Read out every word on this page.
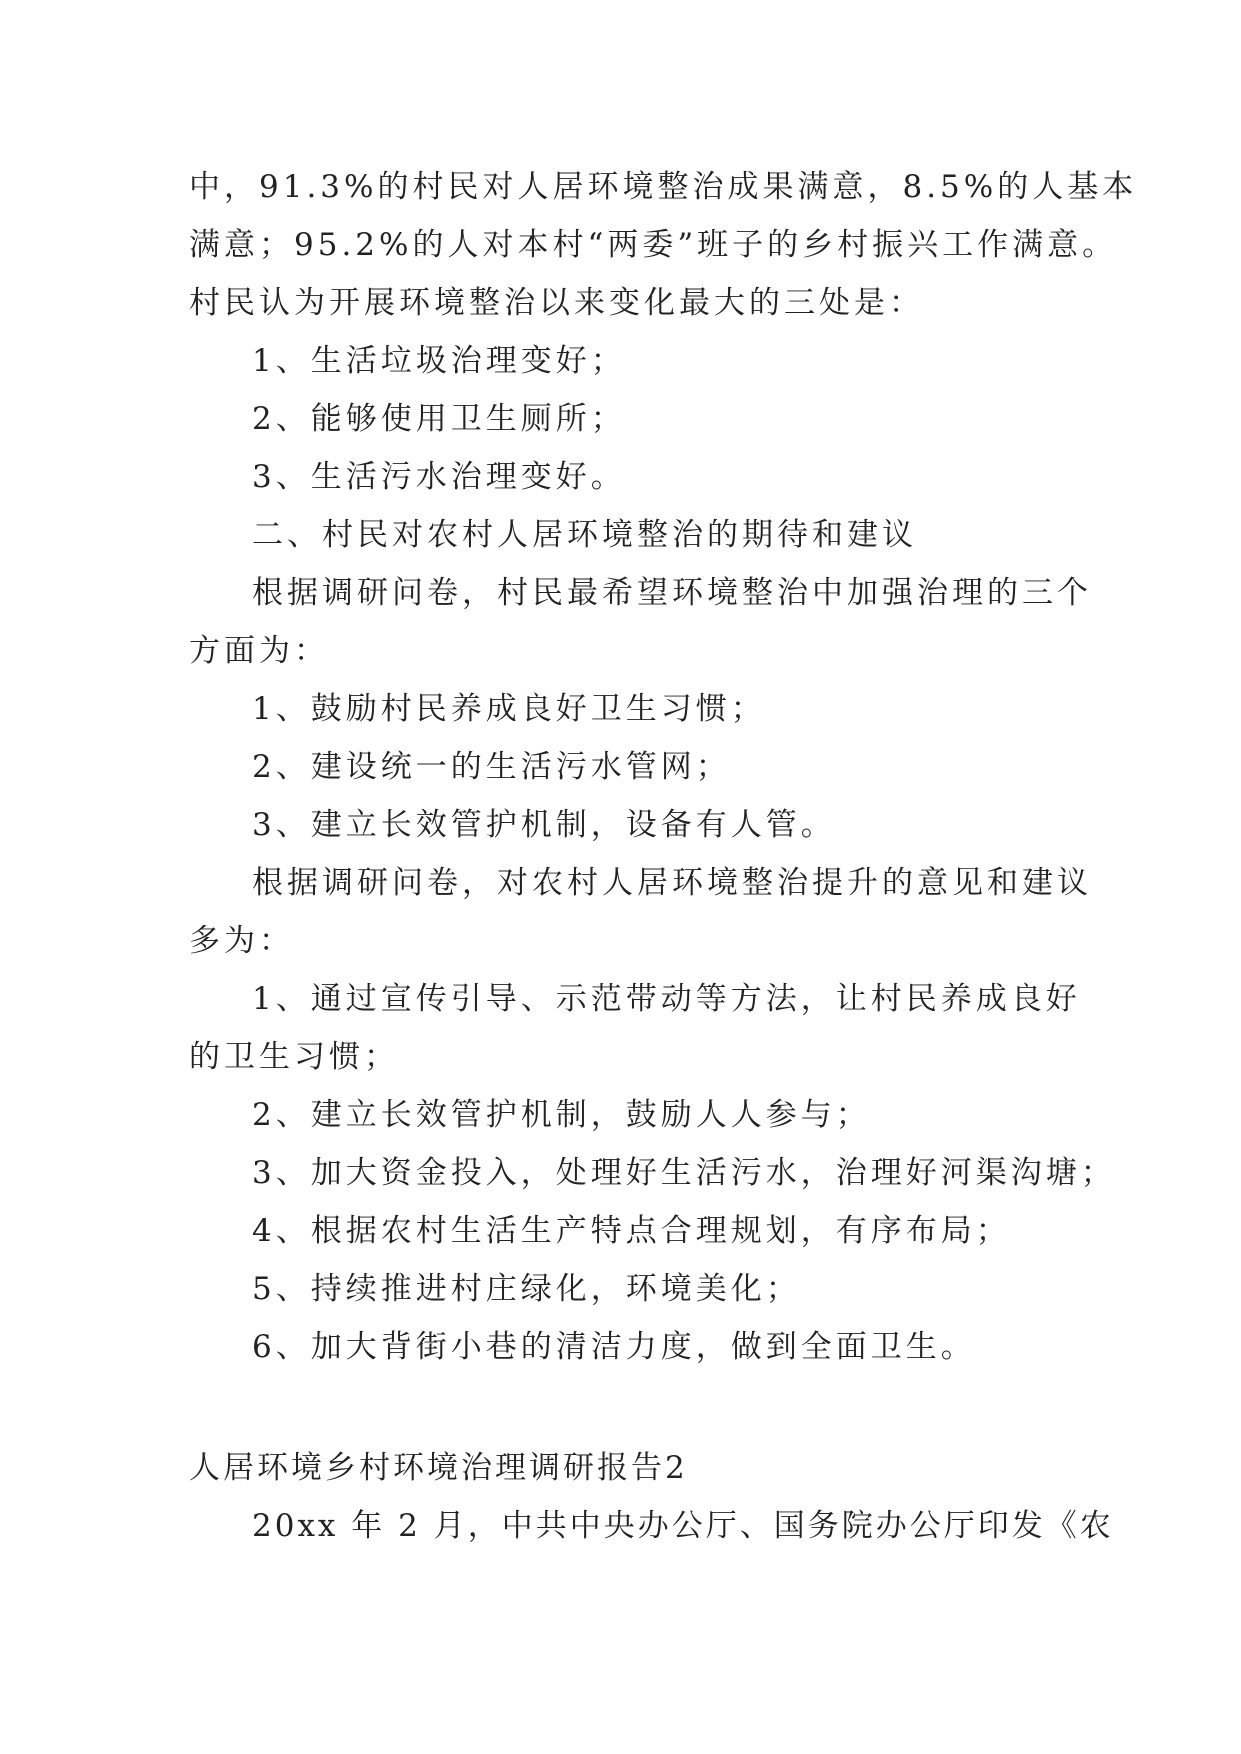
中，91.3%的村民对人居环境整治成果满意，8.5%的人基本
满意；95.2%的人对本村“两委”班子的乡村振兴工作满意。
村民认为开展环境整治以来变化最大的三处是：
1、生活垃圾治理变好；
2、能够使用卫生厕所；
3、生活污水治理变好。
二、村民对农村人居环境整治的期待和建议
根据调研问卷，村民最希望环境整治中加强治理的三个
方面为：
1、鼓励村民养成良好卫生习惯；
2、建设统一的生活污水管网；
3、建立长效管护机制，设备有人管。
根据调研问卷，对农村人居环境整治提升的意见和建议
多为：
1、通过宣传引导、示范带动等方法，让村民养成良好
的卫生习惯；
2、建立长效管护机制，鼓励人人参与；
3、加大资金投入，处理好生活污水，治理好河渠沟塘；
4、根据农村生活生产特点合理规划，有序布局；
5、持续推进村庄绿化，环境美化；
6、加大背街小巷的清洁力度，做到全面卫生。
人居环境乡村环境治理调研报告2
20xx 年 2 月，中共中央办公厅、国务院办公厅印发《农
